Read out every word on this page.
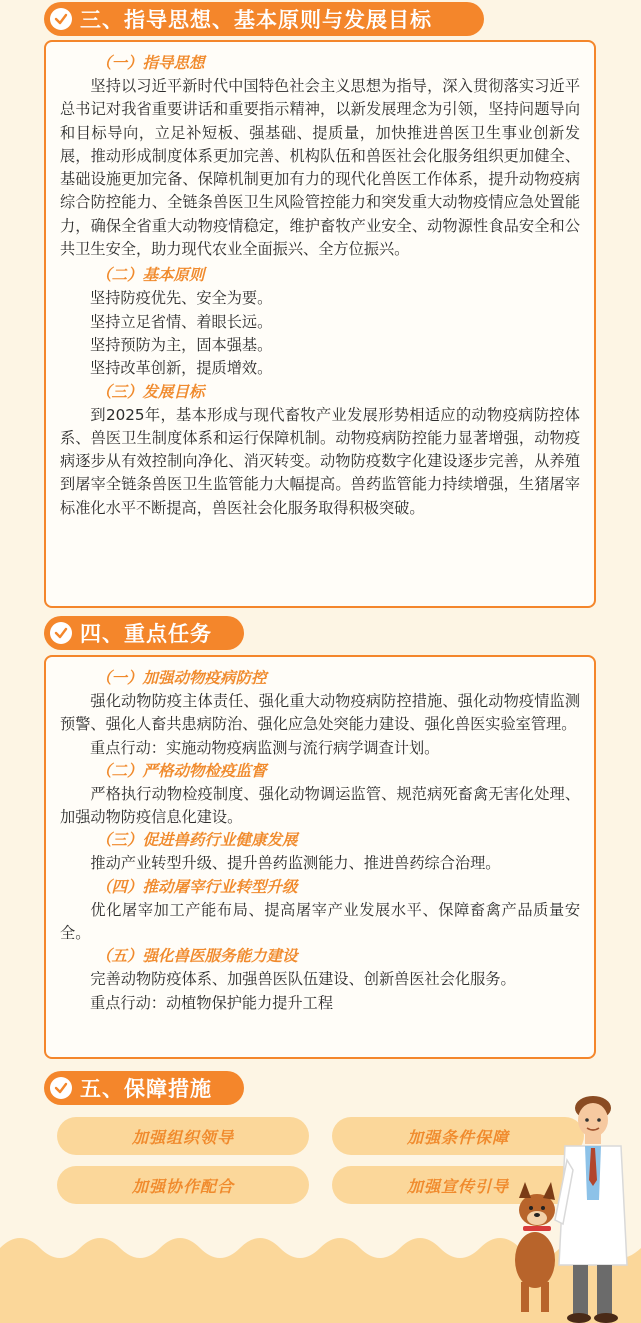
三、指导思想、基本原则与发展目标
（一）指导思想
坚持以习近平新时代中国特色社会主义思想为指导，深入贯彻落实习近平总书记对我省重要讲话和重要指示精神，以新发展理念为引领，坚持问题导向和目标导向，立足补短板、强基础、提质量，加快推进兽医卫生事业创新发展，推动形成制度体系更加完善、机构队伍和兽医社会化服务组织更加健全、基础设施更加完备、保障机制更加有力的现代化兽医工作体系，提升动物疫病综合防控能力、全链条兽医卫生风险管控能力和突发重大动物疫情应急处置能力，确保全省重大动物疫情稳定，维护畜牧产业安全、动物源性食品安全和公共卫生安全，助力现代农业全面振兴、全方位振兴。
（二）基本原则
坚持防疫优先、安全为要。
坚持立足省情、着眼长远。
坚持预防为主，固本强基。
坚持改革创新，提质增效。
（三）发展目标
到2025年，基本形成与现代畜牧产业发展形势相适应的动物疫病防控体系、兽医卫生制度体系和运行保障机制。动物疫病防控能力显著增强，动物疫病逐步从有效控制向净化、消灭转变。动物防疫数字化建设逐步完善，从养殖到屠宰全链条兽医卫生监管能力大幅提高。兽药监管能力持续增强，生猪屠宰标准化水平不断提高，兽医社会化服务取得积极突破。
四、重点任务
（一）加强动物疫病防控
强化动物防疫主体责任、强化重大动物疫病防控措施、强化动物疫情监测预警、强化人畜共患病防治、强化应急处突能力建设、强化兽医实验室管理。
重点行动：实施动物疫病监测与流行病学调查计划。
（二）严格动物检疫监督
严格执行动物检疫制度、强化动物调运监管、规范病死畜禽无害化处理、加强动物防疫信息化建设。
（三）促进兽药行业健康发展
推动产业转型升级、提升兽药监测能力、推进兽药综合治理。
（四）推动屠宰行业转型升级
优化屠宰加工产能布局、提高屠宰产业发展水平、保障畜禽产品质量安全。
（五）强化兽医服务能力建设
完善动物防疫体系、加强兽医队伍建设、创新兽医社会化服务。
重点行动：动植物保护能力提升工程
五、保障措施
加强组织领导	加强条件保障
加强协作配合	加强宣传引导
